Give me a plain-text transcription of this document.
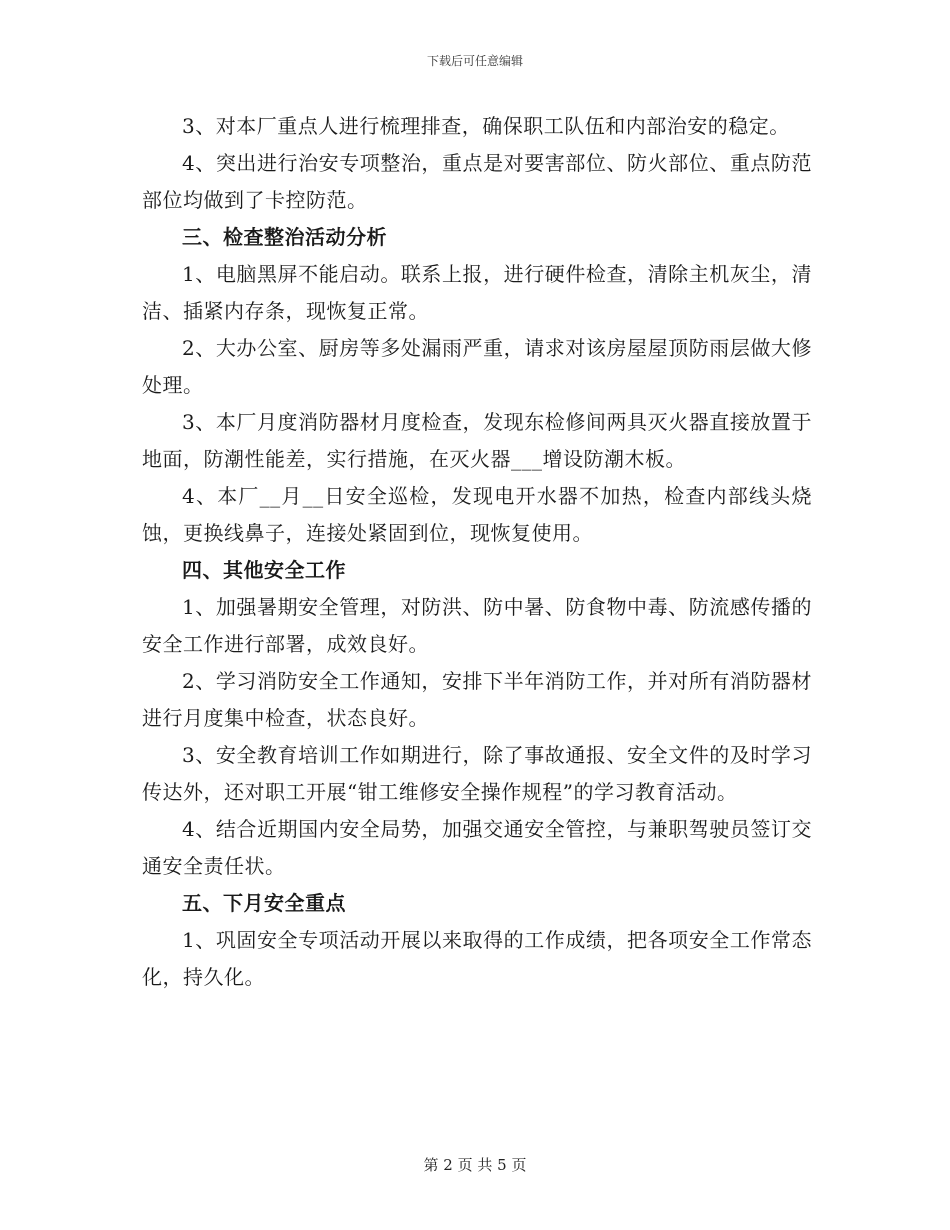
下载后可任意编辑

3、对本厂重点人进行梳理排查，确保职工队伍和内部治安的稳定。

4、突出进行治安专项整治，重点是对要害部位、防火部位、重点防范部位均做到了卡控防范。

三、检查整治活动分析

1、电脑黑屏不能启动。联系上报，进行硬件检查，清除主机灰尘，清洁、插紧内存条，现恢复正常。

2、大办公室、厨房等多处漏雨严重，请求对该房屋屋顶防雨层做大修处理。

3、本厂月度消防器材月度检查，发现东检修间两具灭火器直接放置于地面，防潮性能差，实行措施，在灭火器___增设防潮木板。

4、本厂__月__日安全巡检，发现电开水器不加热，检查内部线头烧蚀，更换线鼻子，连接处紧固到位，现恢复使用。

四、其他安全工作

1、加强暑期安全管理，对防洪、防中暑、防食物中毒、防流感传播的安全工作进行部署，成效良好。

2、学习消防安全工作通知，安排下半年消防工作，并对所有消防器材进行月度集中检查，状态良好。

3、安全教育培训工作如期进行，除了事故通报、安全文件的及时学习传达外，还对职工开展“钳工维修安全操作规程”的学习教育活动。

4、结合近期国内安全局势，加强交通安全管控，与兼职驾驶员签订交通安全责任状。

五、下月安全重点

1、巩固安全专项活动开展以来取得的工作成绩，把各项安全工作常态化，持久化。

第 2 页 共 5 页
